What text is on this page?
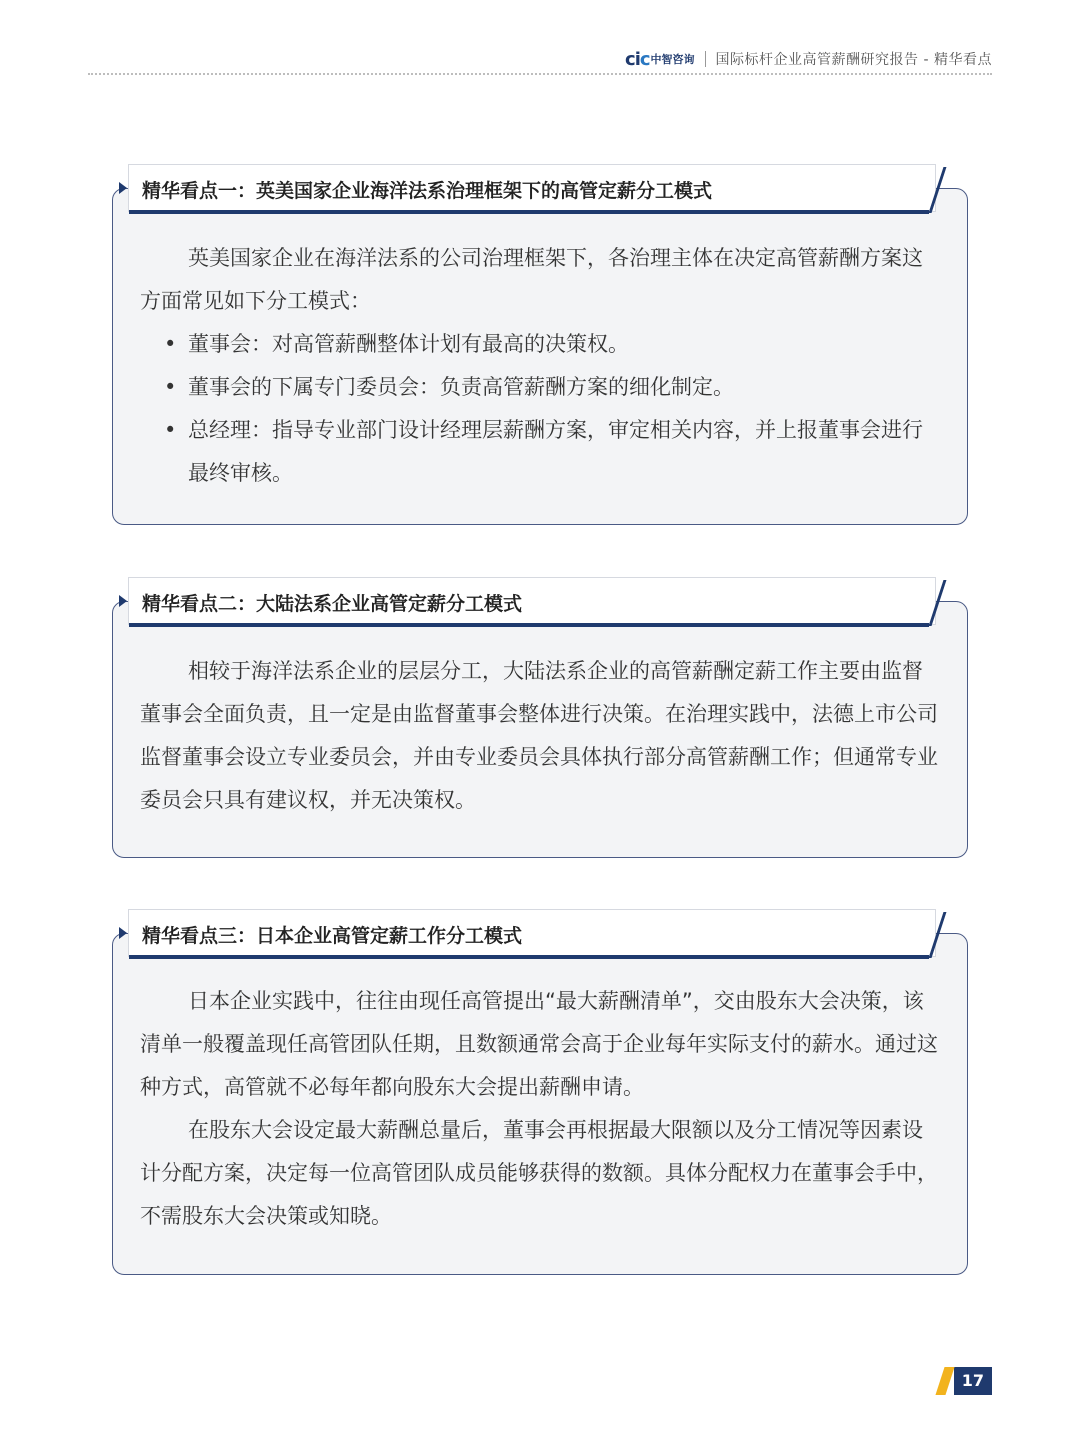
cic 中智咨询 国际标杆企业高管薪酬研究报告 - 精华看点
精华看点一：英美国家企业海洋法系治理框架下的高管定薪分工模式

英美国家企业在海洋法系的公司治理框架下，各治理主体在决定高管薪酬方案这方面常见如下分工模式：

• 董事会：对高管薪酬整体计划有最高的决策权。
• 董事会的下属专门委员会：负责高管薪酬方案的细化制定。
• 总经理：指导专业部门设计经理层薪酬方案，审定相关内容，并上报董事会进行最终审核。
精华看点二：大陆法系企业高管定薪分工模式

相较于海洋法系企业的层层分工，大陆法系企业的高管薪酬定薪工作主要由监督董事会全面负责，且一定是由监督董事会整体进行决策。在治理实践中，法德上市公司监督董事会设立专业委员会，并由专业委员会具体执行部分高管薪酬工作；但通常专业委员会只具有建议权，并无决策权。

精华看点三：日本企业高管定薪工作分工模式

日本企业实践中，往往由现任高管提出“最大薪酬清单”，交由股东大会决策，该清单一般覆盖现任高管团队任期，且数额通常会高于企业每年实际支付的薪水。通过这种方式，高管就不必每年都向股东大会提出薪酬申请。

在股东大会设定最大薪酬总量后，董事会再根据最大限额以及分工情况等因素设计分配方案，决定每一位高管团队成员能够获得的数额。具体分配权力在董事会手中，不需股东大会决策或知晓。

17
